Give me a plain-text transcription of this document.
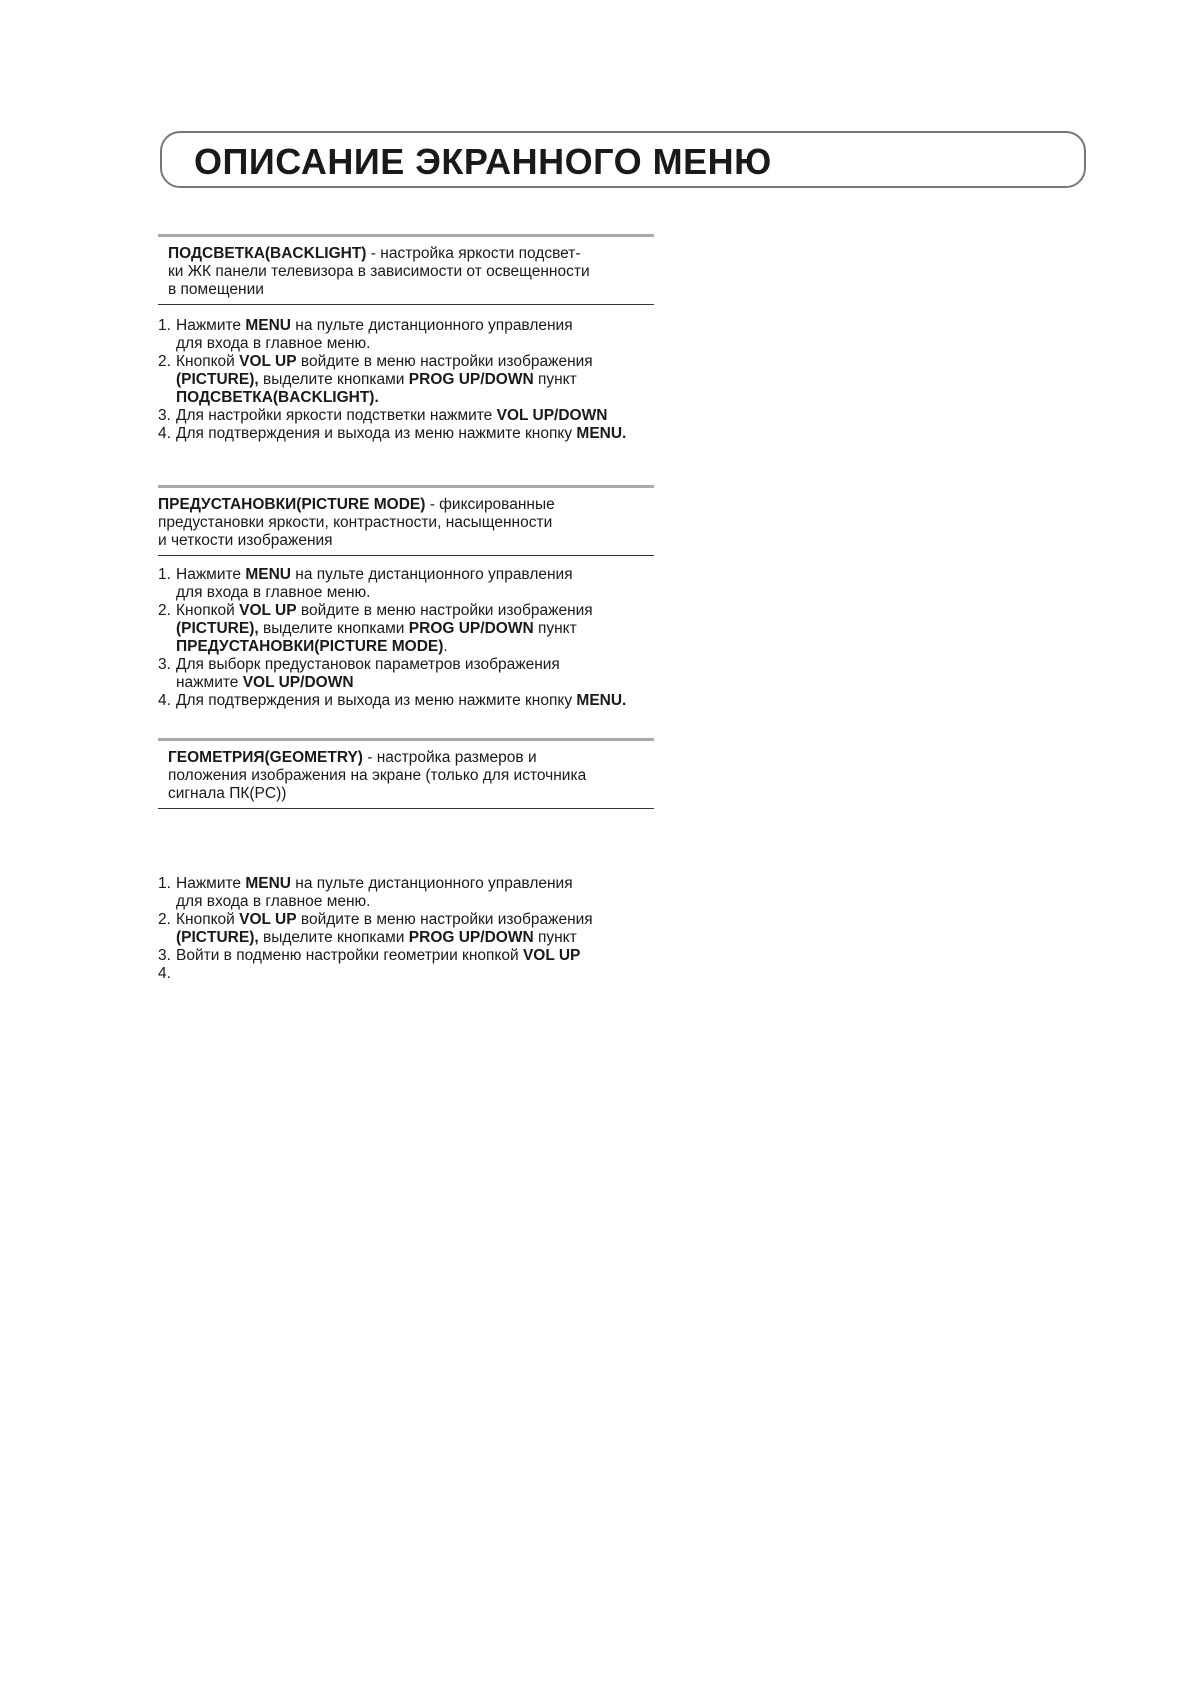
ОПИСАНИЕ ЭКРАННОГО МЕНЮ
ПОДСВЕТКА(BACKLIGHT) - настройка яркости подсвет-
ки ЖК панели телевизора в зависимости от освещенности
в помещении
1. Нажмите MENU на пульте дистанционного управления
для входа в главное меню.
2. Кнопкой VOL UP войдите в меню настройки изображения
(PICTURE), выделите кнопками PROG UP/DOWN пункт
ПОДСВЕТКА(BACKLIGHT).
3. Для настройки яркости подстветки нажмите VOL UP/DOWN
4. Для подтверждения и выхода из меню нажмите кнопку MENU.
ПРЕДУСТАНОВКИ(PICTURE MODE) - фиксированные
предустановки яркости, контрастности, насыщенности
и четкости изображения
1. Нажмите MENU на пульте дистанционного управления
для входа в главное меню.
2. Кнопкой VOL UP войдите в меню настройки изображения
(PICTURE), выделите кнопками PROG UP/DOWN пункт
ПРЕДУСТАНОВКИ(PICTURE MODE).
3. Для выборк предустановок параметров изображения
нажмите VOL UP/DOWN
4. Для подтверждения и выхода из меню нажмите кнопку MENU.
ГЕОМЕТРИЯ(GEOMETRY) - настройка размеров и
положения изображения на экране (только для источника
сигнала ПК(PC))
1. Нажмите MENU на пульте дистанционного управления
для входа в главное меню.
2. Кнопкой VOL UP войдите в меню настройки изображения
(PICTURE), выделите кнопками PROG UP/DOWN пункт
3. Войти в подменю настройки геометрии кнопкой VOL UP
4.
